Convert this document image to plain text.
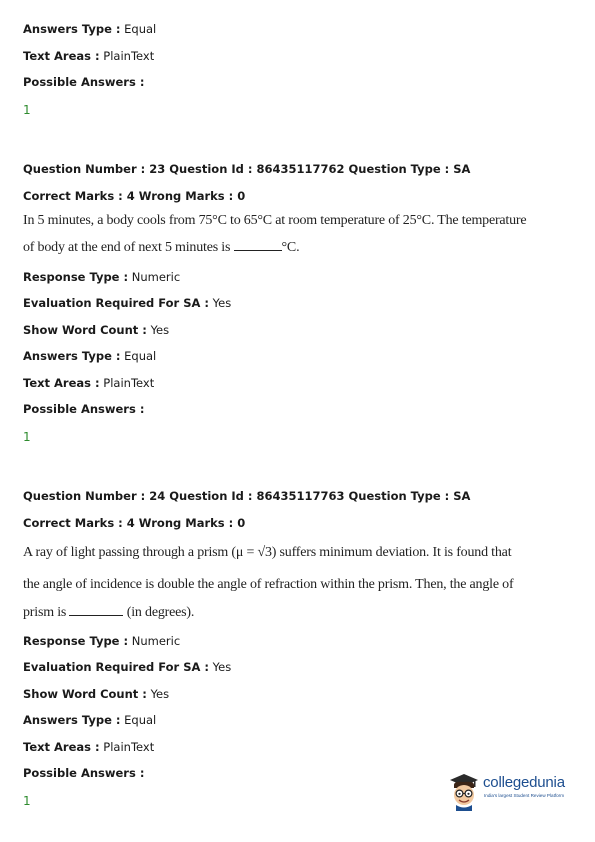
Answers Type : Equal
Text Areas : PlainText
Possible Answers :
1
Question Number : 23 Question Id : 86435117762 Question Type : SA
Correct Marks : 4 Wrong Marks : 0
In 5 minutes, a body cools from 75°C to 65°C at room temperature of 25°C. The temperature
of body at the end of next 5 minutes is	°C.
Response Type : Numeric
Evaluation Required For SA : Yes
Show Word Count : Yes
Answers Type : Equal
Text Areas : PlainText
Possible Answers :
1
Question Number : 24 Question Id : 86435117763 Question Type : SA
Correct Marks : 4 Wrong Marks : 0
A ray of light passing through a prism (μ = √3) suffers minimum deviation. It is found that
the angle of incidence is double the angle of refraction within the prism. Then, the angle of
prism is	(in degrees).
Response Type : Numeric
Evaluation Required For SA : Yes
Show Word Count : Yes
Answers Type : Equal
Text Areas : PlainText
Possible Answers :
1
collegedunia
India's largest Student Review Platform
